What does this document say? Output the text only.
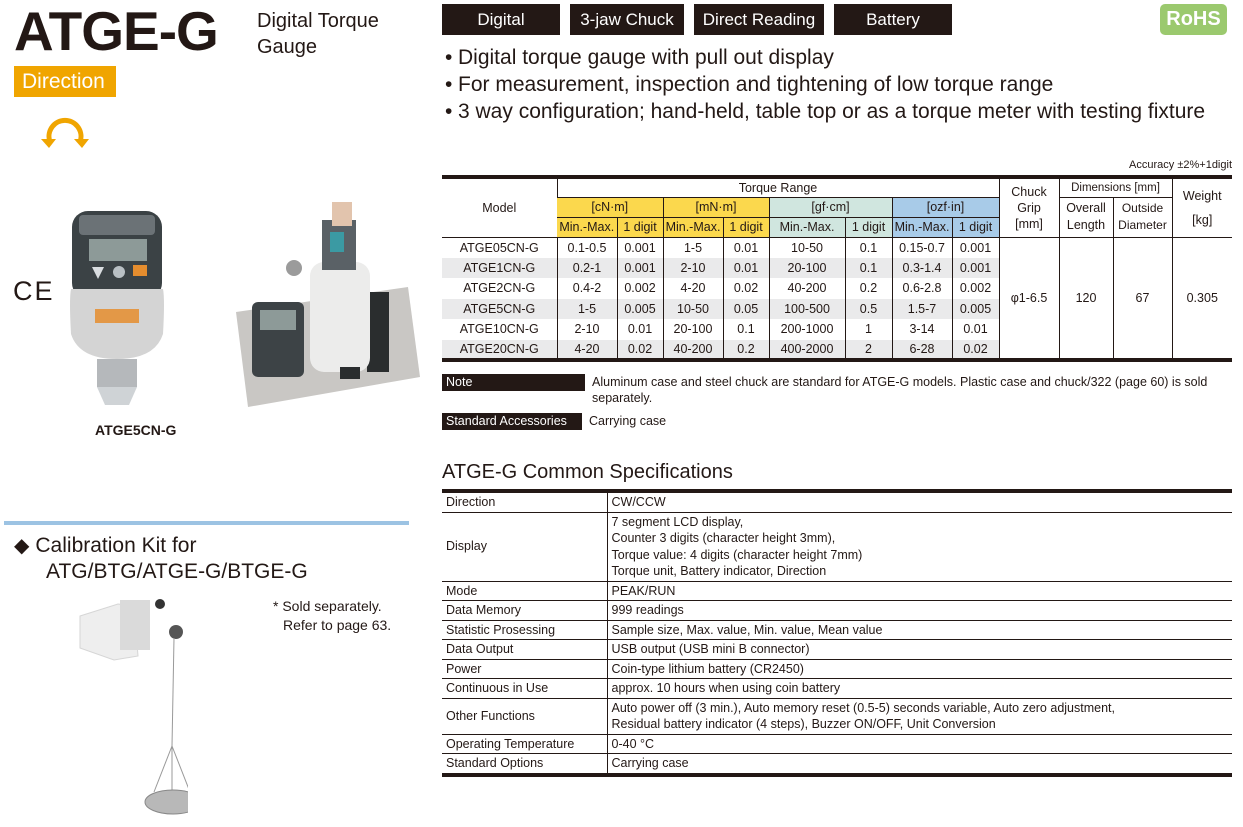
ATGE-G Digital Torque
Gauge
Direction
CE
ATGE5CN-G
◆ Calibration Kit for
ATG/BTG/ATGE-G/BTGE-G
* Sold separately.
Refer to page 63.
Digital	3-jaw Chuck	Direct Reading	Battery	RoHS
• Digital torque gauge with pull out display
• For measurement, inspection and tightening of low torque range
• 3 way configuration; hand-held, table top or as a torque meter with testing fixture
Accuracy ±2%+1digit
Model	Torque Range								Chuck
Grip
[mm]	Dimensions [mm]		Weight
[kg]
	[cN·m]		[mN·m]		[gf·cm]		[ozf·in]			Overall
Length	Outside
Diameter	
	Min.-Max.	1 digit	Min.-Max.	1 digit	Min.-Max.	1 digit	Min.-Max.	1 digit				
ATGE05CN-G	0.1-0.5	0.001	1-5	0.01	10-50	0.1	0.15-0.7	0.001	φ1-6.5	120	67	0.305
ATGE1CN-G	0.2-1	0.001	2-10	0.01	20-100	0.1	0.3-1.4	0.001				
ATGE2CN-G	0.4-2	0.002	4-20	0.02	40-200	0.2	0.6-2.8	0.002				
ATGE5CN-G	1-5	0.005	10-50	0.05	100-500	0.5	1.5-7	0.005				
ATGE10CN-G	2-10	0.01	20-100	0.1	200-1000	1	3-14	0.01				
ATGE20CN-G	4-20	0.02	40-200	0.2	400-2000	2	6-28	0.02				
Note	Aluminum case and steel chuck are standard for ATGE-G models. Plastic case and chuck/322 (page 60) is sold separately.
Standard Accessories	Carrying case
ATGE-G Common Specifications
Direction	CW/CCW
Display	7 segment LCD display,
Counter 3 digits (character height 3mm),
Torque value: 4 digits (character height 7mm)
Torque unit, Battery indicator, Direction

Mode	PEAK/RUN
Data Memory	999 readings
Statistic Prosessing	Sample size, Max. value, Min. value, Mean value
Data Output	USB output (USB mini B connector)
Power	Coin-type lithium battery (CR2450)
Continuous in Use	approx. 10 hours when using coin battery
Other Functions	Auto power off (3 min.), Auto memory reset (0.5-5) seconds variable, Auto zero adjustment,
Residual battery indicator (4 steps), Buzzer ON/OFF, Unit Conversion

Operating Temperature	0-40 °C
Standard Options	Carrying case
